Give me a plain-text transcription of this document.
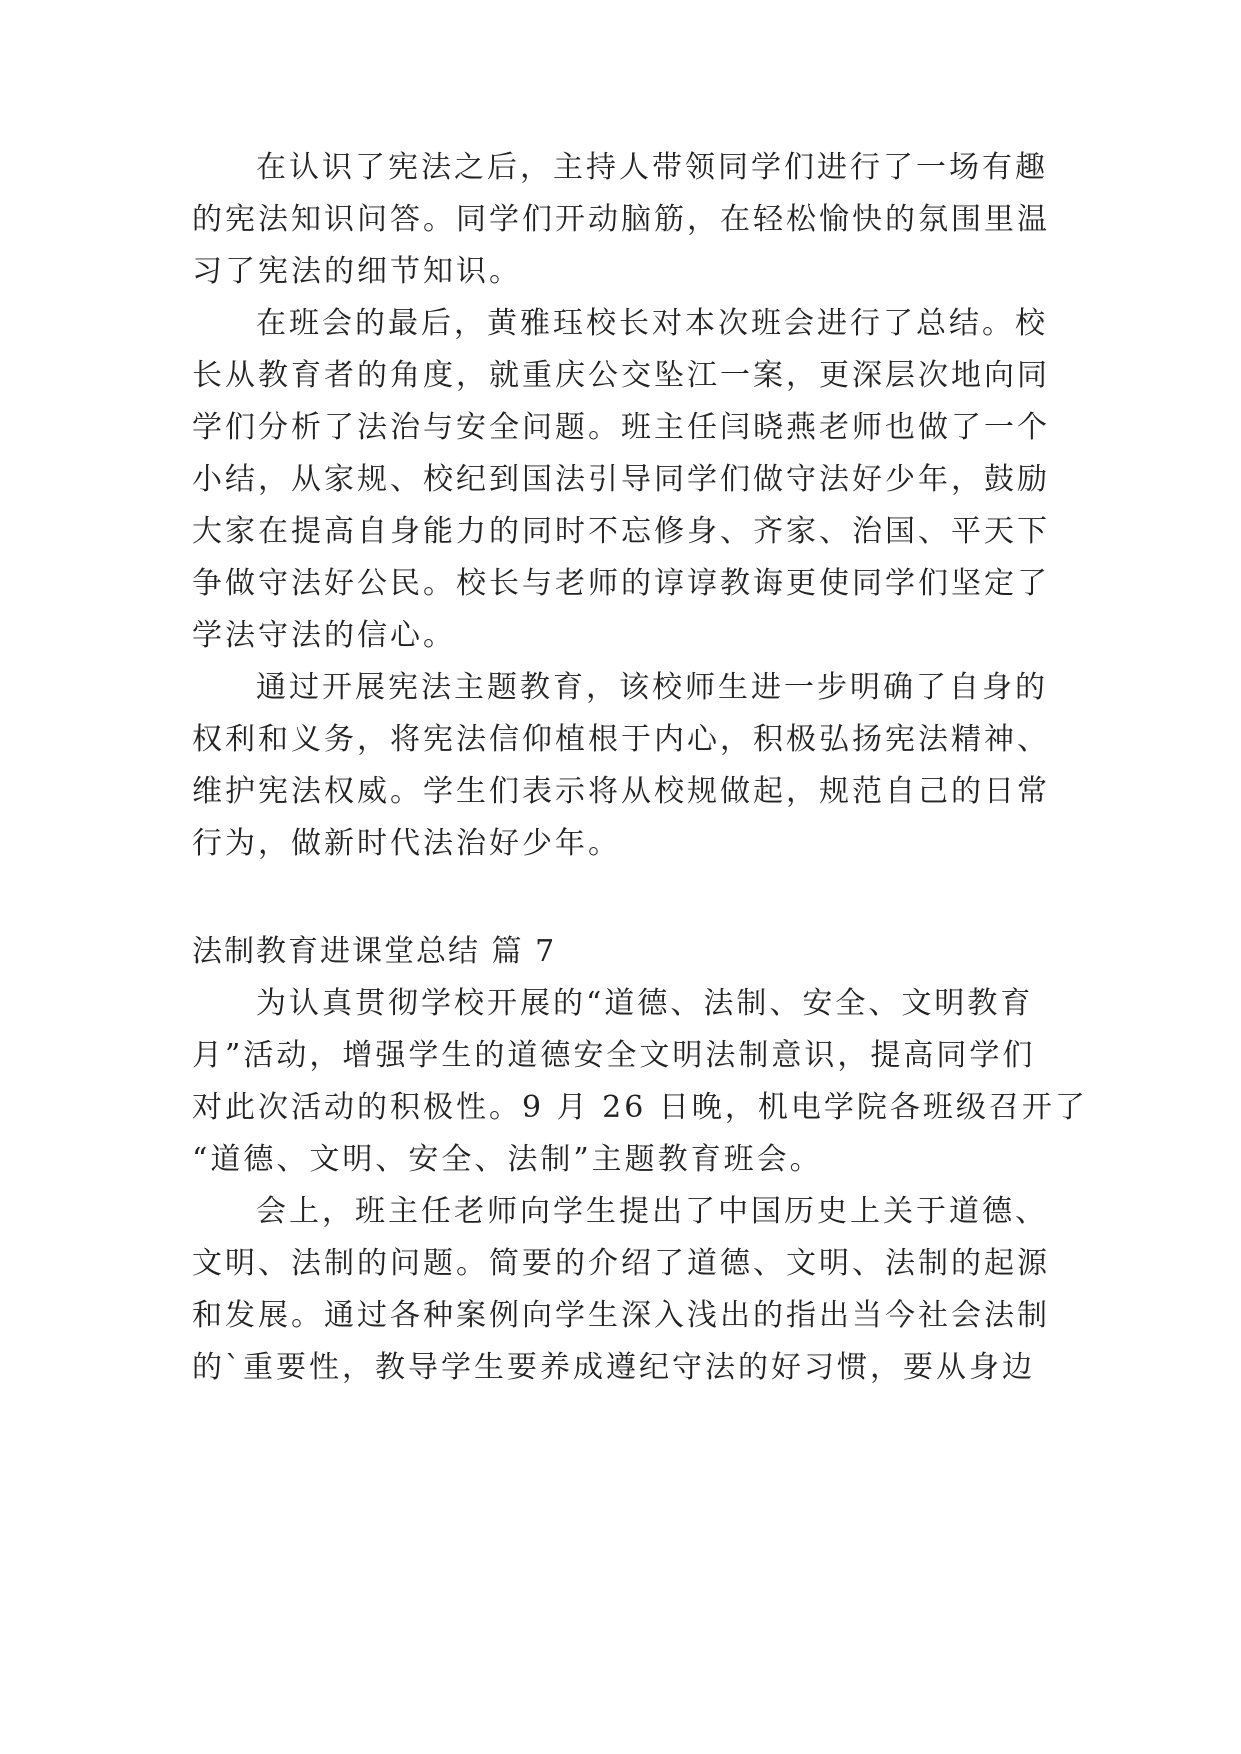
在认识了宪法之后，主持人带领同学们进行了一场有趣
的宪法知识问答。同学们开动脑筋，在轻松愉快的氛围里温
习了宪法的细节知识。
在班会的最后，黄雅珏校长对本次班会进行了总结。校
长从教育者的角度，就重庆公交坠江一案，更深层次地向同
学们分析了法治与安全问题。班主任闫晓燕老师也做了一个
小结，从家规、校纪到国法引导同学们做守法好少年，鼓励
大家在提高自身能力的同时不忘修身、齐家、治国、平天下
争做守法好公民。校长与老师的谆谆教诲更使同学们坚定了
学法守法的信心。
通过开展宪法主题教育，该校师生进一步明确了自身的
权利和义务，将宪法信仰植根于内心，积极弘扬宪法精神、
维护宪法权威。学生们表示将从校规做起，规范自己的日常
行为，做新时代法治好少年。
法制教育进课堂总结 篇 7
为认真贯彻学校开展的“道德、法制、安全、文明教育
月”活动，增强学生的道德安全文明法制意识，提高同学们
对此次活动的积极性。9 月 26 日晚，机电学院各班级召开了
“道德、文明、安全、法制”主题教育班会。
会上，班主任老师向学生提出了中国历史上关于道德、
文明、法制的问题。简要的介绍了道德、文明、法制的起源
和发展。通过各种案例向学生深入浅出的指出当今社会法制
的`重要性，教导学生要养成遵纪守法的好习惯，要从身边
